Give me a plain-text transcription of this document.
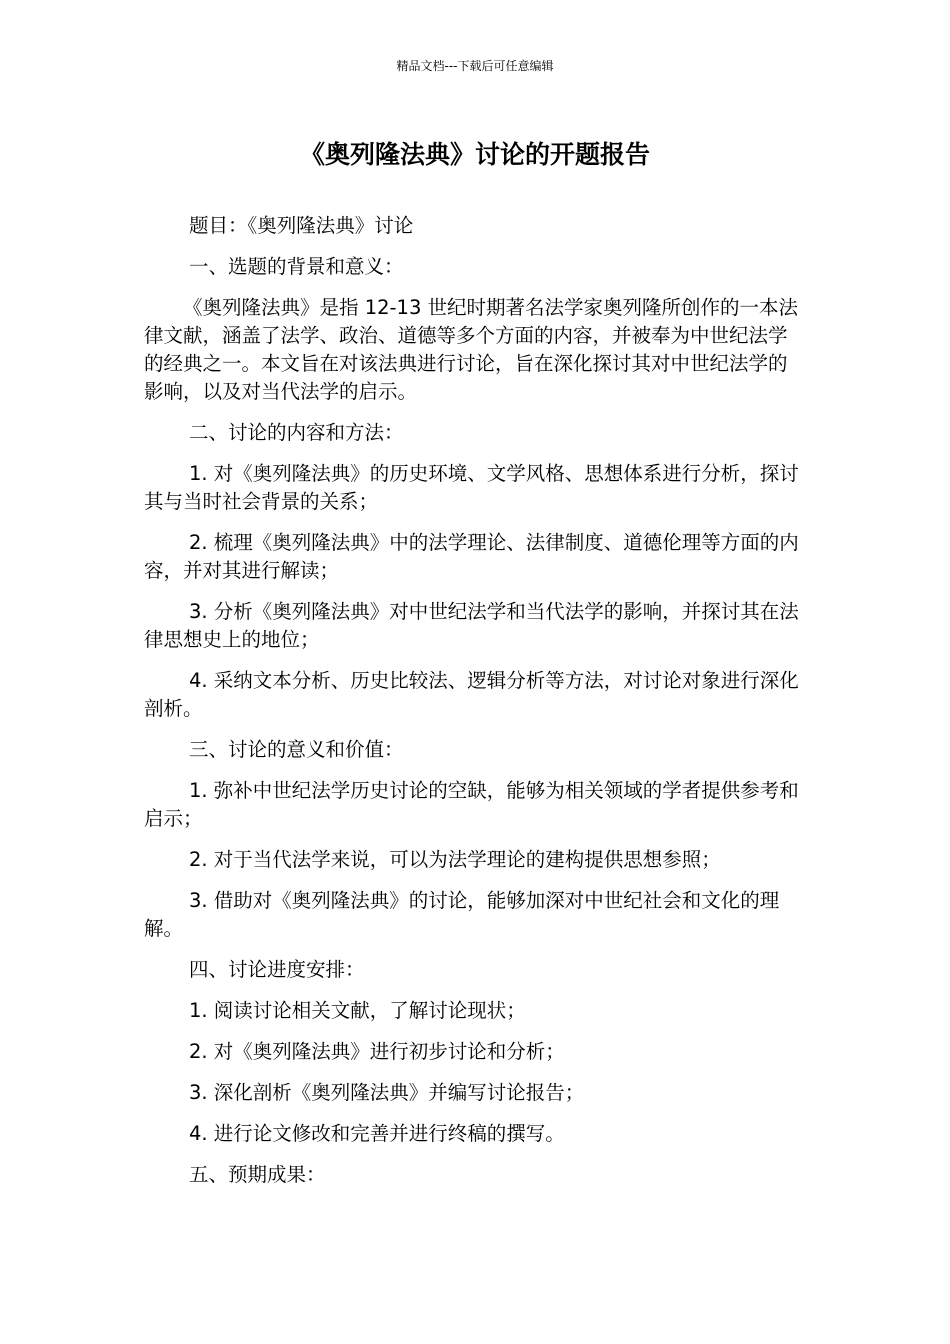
精品文档---下载后可任意编辑
《奥列隆法典》讨论的开题报告

题目：《奥列隆法典》讨论

一、选题的背景和意义：

《奥列隆法典》是指 12-13 世纪时期著名法学家奥列隆所创作的一本法律文献，涵盖了法学、政治、道德等多个方面的内容，并被奉为中世纪法学的经典之一。本文旨在对该法典进行讨论，旨在深化探讨其对中世纪法学的影响，以及对当代法学的启示。

二、讨论的内容和方法：

1. 对《奥列隆法典》的历史环境、文学风格、思想体系进行分析，探讨其与当时社会背景的关系；

2. 梳理《奥列隆法典》中的法学理论、法律制度、道德伦理等方面的内容，并对其进行解读；

3. 分析《奥列隆法典》对中世纪法学和当代法学的影响，并探讨其在法律思想史上的地位；

4. 采纳文本分析、历史比较法、逻辑分析等方法，对讨论对象进行深化剖析。

三、讨论的意义和价值：

1. 弥补中世纪法学历史讨论的空缺，能够为相关领域的学者提供参考和启示；

2. 对于当代法学来说，可以为法学理论的建构提供思想参照；

3. 借助对《奥列隆法典》的讨论，能够加深对中世纪社会和文化的理解。

四、讨论进度安排：

1. 阅读讨论相关文献，了解讨论现状；

2. 对《奥列隆法典》进行初步讨论和分析；

3. 深化剖析《奥列隆法典》并编写讨论报告；

4. 进行论文修改和完善并进行终稿的撰写。

五、预期成果：
